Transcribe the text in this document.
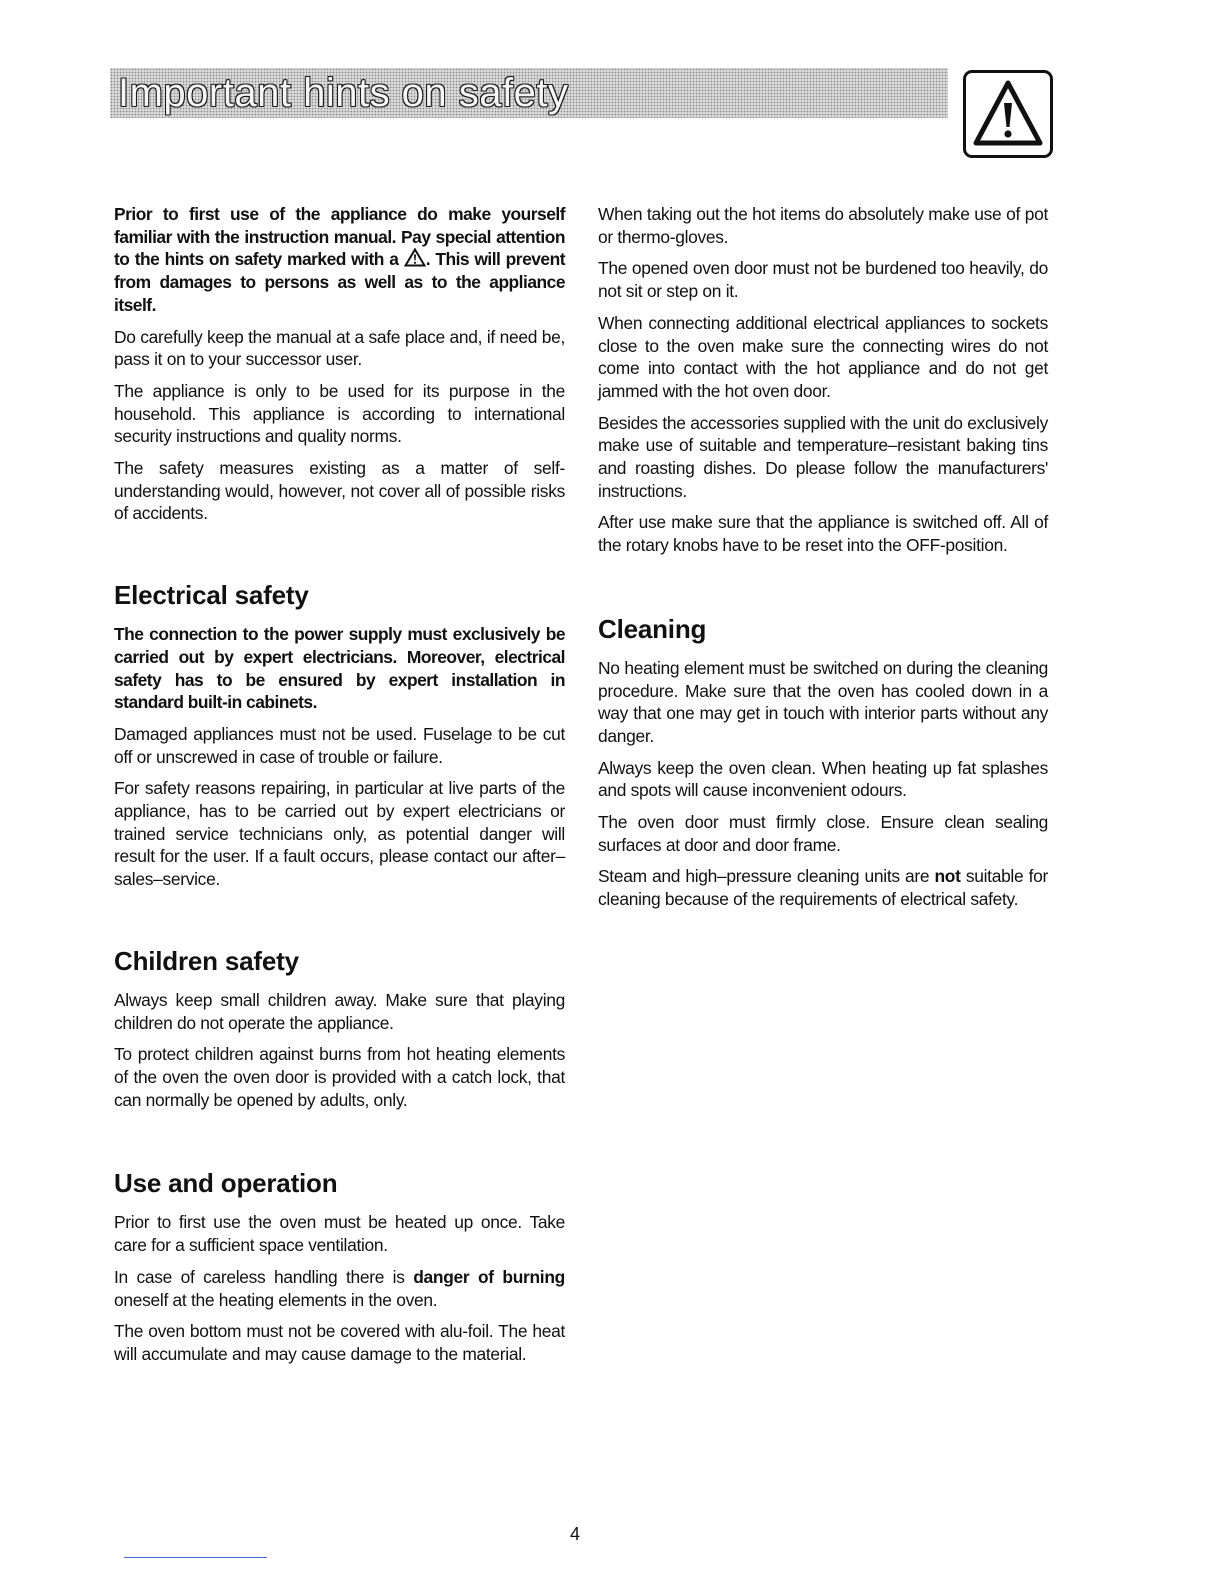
Important hints on safety

Prior to first use of the appliance do make yourself familiar with the instruction manual. Pay special attention to the hints on safety marked with a . This will prevent from damages to persons as well as to the appliance itself.

Do carefully keep the manual at a safe place and, if need be, pass it on to your successor user.

The appliance is only to be used for its purpose in the household. This appliance is according to international security instructions and quality norms.

The safety measures existing as a matter of self-understanding would, however, not cover all of possible risks of accidents.

Electrical safety

The connection to the power supply must exclusively be carried out by expert electricians. Moreover, electrical safety has to be ensured by expert installation in standard built-in cabinets.

Damaged appliances must not be used. Fuselage to be cut off or unscrewed in case of trouble or failure.

For safety reasons repairing, in particular at live parts of the appliance, has to be carried out by expert electricians or trained service technicians only, as potential danger will result for the user. If a fault occurs, please contact our after–sales–service.

Children safety

Always keep small children away. Make sure that playing children do not operate the appliance.

To protect children against burns from hot heating elements of the oven the oven door is provided with a catch lock, that can normally be opened by adults, only.

Use and operation

Prior to first use the oven must be heated up once. Take care for a sufficient space ventilation.

In case of careless handling there is danger of burning oneself at the heating elements in the oven.

The oven bottom must not be covered with alu-foil. The heat will accumulate and may cause damage to the material.

When taking out the hot items do absolutely make use of pot or thermo-gloves.

The opened oven door must not be burdened too heavily, do not sit or step on it.

When connecting additional electrical appliances to sockets close to the oven make sure the connecting wires do not come into contact with the hot appliance and do not get jammed with the hot oven door.

Besides the accessories supplied with the unit do exclusively make use of suitable and temperature–resistant baking tins and roasting dishes. Do please follow the manufacturers' instructions.

After use make sure that the appliance is switched off. All of the rotary knobs have to be reset into the OFF-position.

Cleaning

No heating element must be switched on during the cleaning procedure. Make sure that the oven has cooled down in a way that one may get in touch with interior parts without any danger.

Always keep the oven clean. When heating up fat splashes and spots will cause inconvenient odours.

The oven door must firmly close. Ensure clean sealing surfaces at door and door frame.

Steam and high–pressure cleaning units are not suitable for cleaning because of the requirements of electrical safety.

4
